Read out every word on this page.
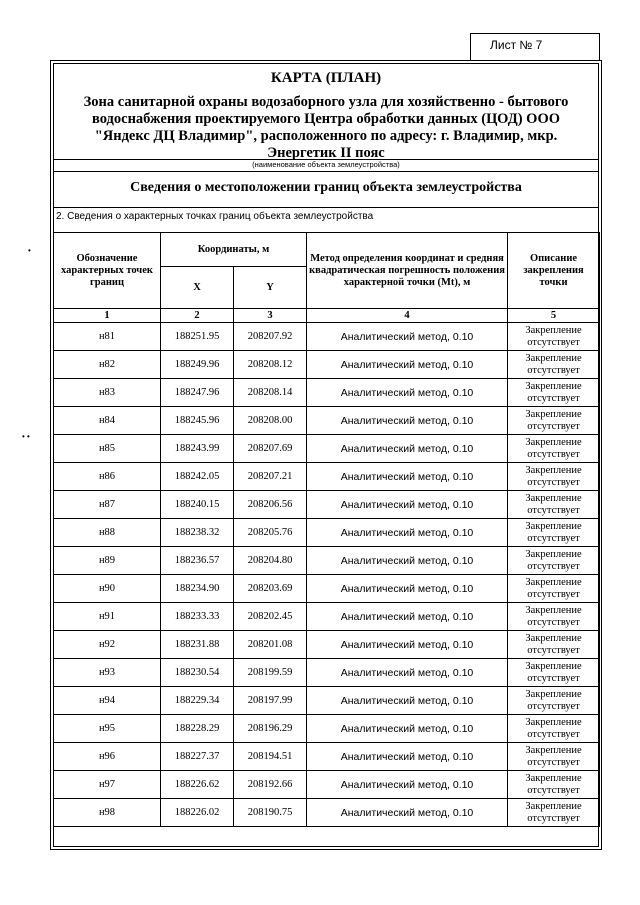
Лист № 7
КАРТА (ПЛАН)
Зона санитарной охраны водозаборного узла для хозяйственно - бытового водоснабжения проектируемого Центра обработки данных (ЦОД) ООО "Яндекс ДЦ Владимир", расположенного по адресу: г. Владимир, мкр. Энергетик II пояс
(наименование объекта землеустройства)
Сведения о местоположении границ объекта землеустройства
2. Сведения о характерных точках границ объекта землеустройства
•
• •
Обозначение характерных точек границ	Координаты, м		Метод определения координат и средняя квадратическая погрешность положения характерной точки (Mt), м	Описание закрепления точки
	X	Y		
1	2	3	4	5
н81	188251.95	208207.92	Аналитический метод, 0.10	Закрепление отсутствует
н82	188249.96	208208.12	Аналитический метод, 0.10	Закрепление отсутствует
н83	188247.96	208208.14	Аналитический метод, 0.10	Закрепление отсутствует
н84	188245.96	208208.00	Аналитический метод, 0.10	Закрепление отсутствует
н85	188243.99	208207.69	Аналитический метод, 0.10	Закрепление отсутствует
н86	188242.05	208207.21	Аналитический метод, 0.10	Закрепление отсутствует
н87	188240.15	208206.56	Аналитический метод, 0.10	Закрепление отсутствует
н88	188238.32	208205.76	Аналитический метод, 0.10	Закрепление отсутствует
н89	188236.57	208204.80	Аналитический метод, 0.10	Закрепление отсутствует
н90	188234.90	208203.69	Аналитический метод, 0.10	Закрепление отсутствует
н91	188233.33	208202.45	Аналитический метод, 0.10	Закрепление отсутствует
н92	188231.88	208201.08	Аналитический метод, 0.10	Закрепление отсутствует
н93	188230.54	208199.59	Аналитический метод, 0.10	Закрепление отсутствует
н94	188229.34	208197.99	Аналитический метод, 0.10	Закрепление отсутствует
н95	188228.29	208196.29	Аналитический метод, 0.10	Закрепление отсутствует
н96	188227.37	208194.51	Аналитический метод, 0.10	Закрепление отсутствует
н97	188226.62	208192.66	Аналитический метод, 0.10	Закрепление отсутствует
н98	188226.02	208190.75	Аналитический метод, 0.10	Закрепление отсутствует
